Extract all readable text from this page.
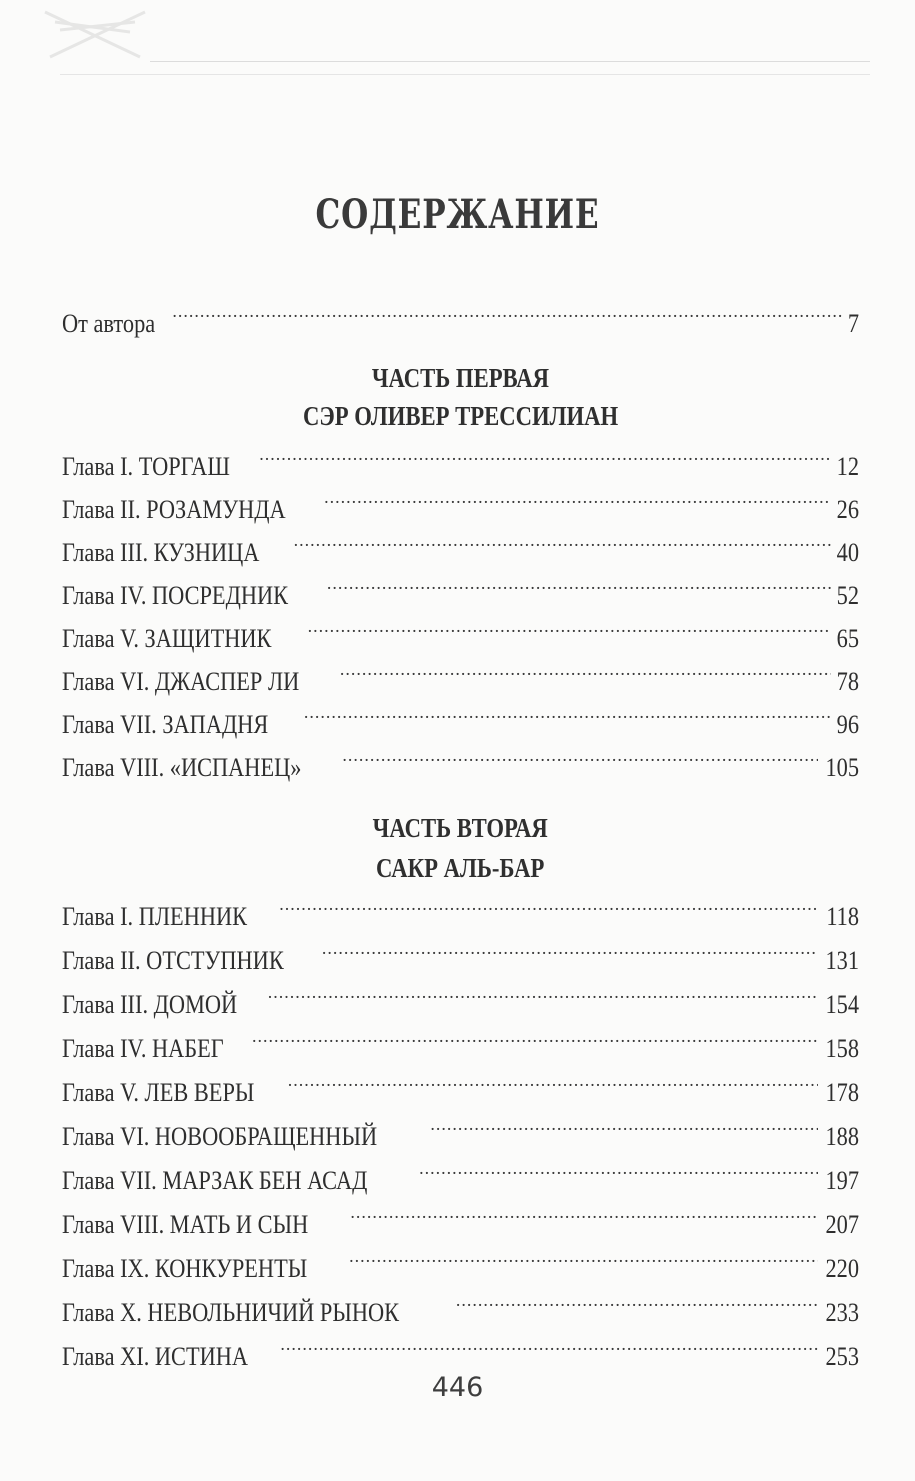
СОДЕРЖАНИЕ
От автора .....	7
ЧАСТЬ ПЕРВАЯ
СЭР ОЛИВЕР ТРЕССИЛИАН
Глава I. ТОРГАШ .....	12
Глава II. РОЗАМУНДА .....	26
Глава III. КУЗНИЦА .....	40
Глава IV. ПОСРЕДНИК .....	52
Глава V. ЗАЩИТНИК .....	65
Глава VI. ДЖАСПЕР ЛИ .....	78
Глава VII. ЗАПАДНЯ .....	96
Глава VIII. «ИСПАНЕЦ» .....	105
ЧАСТЬ ВТОРАЯ
САКР АЛЬ-БАР
Глава I. ПЛЕННИК .....	118
Глава II. ОТСТУПНИК .....	131
Глава III. ДОМОЙ .....	154
Глава IV. НАБЕГ .....	158
Глава V. ЛЕВ ВЕРЫ .....	178
Глава VI. НОВООБРАЩЕННЫЙ .....	188
Глава VII. МАРЗАК БЕН АСАД .....	197
Глава VIII. МАТЬ И СЫН .....	207
Глава IX. КОНКУРЕНТЫ .....	220
Глава X. НЕВОЛЬНИЧИЙ РЫНОК .....	233
Глава XI. ИСТИНА .....	253
446
